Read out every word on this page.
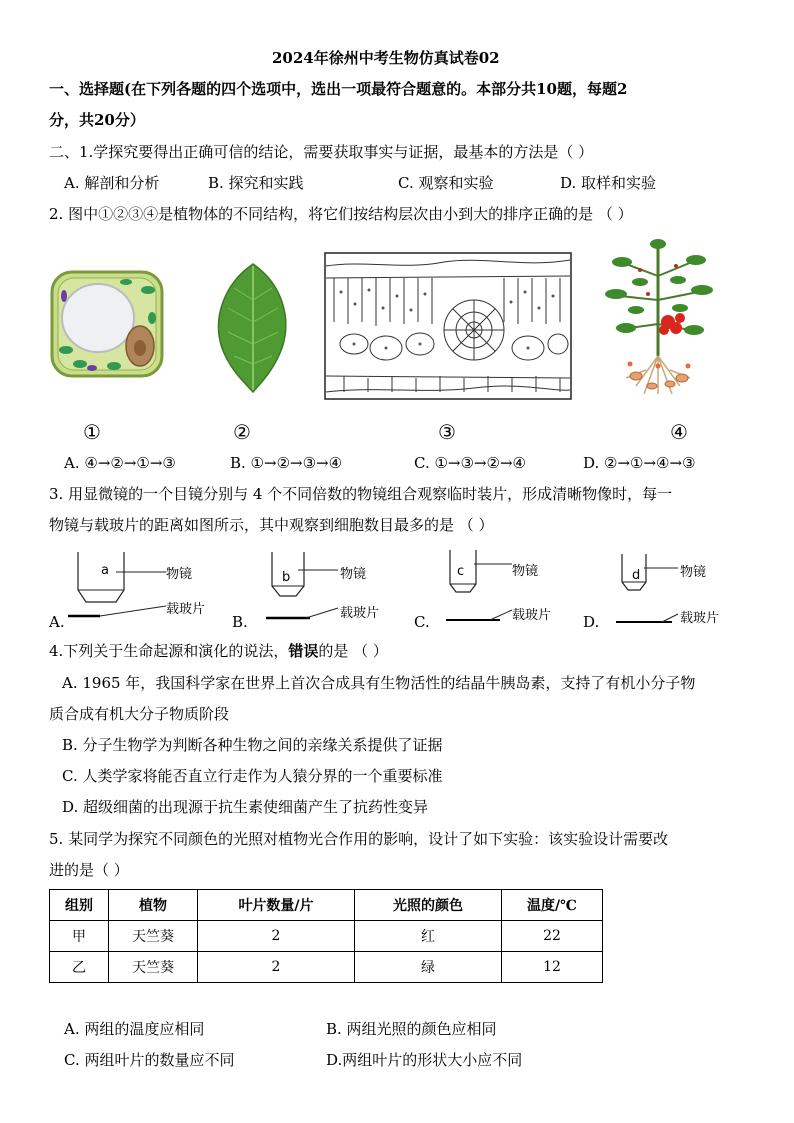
2024年徐州中考生物仿真试卷02
一、选择题(在下列各题的四个选项中，选出一项最符合题意的。本部分共10题，每题2
分，共20分）
二、1.学探究要得出正确可信的结论，需要获取事实与证据，最基本的方法是（ ）
A. 解剖和分析	B. 探究和实践	C. 观察和实验	D. 取样和实验
2. 图中①②③④是植物体的不同结构，将它们按结构层次由小到大的排序正确的是 （ ）
①	②	③	④
A. ④→②→①→③	B. ①→②→③→④	C. ①→③→②→④	D. ②→①→④→③
3. 用显微镜的一个目镜分别与 4 个不同倍数的物镜组合观察临时装片，形成清晰物像时，每一
物镜与载玻片的距离如图所示，其中观察到细胞数目最多的是 （ ）
A.
a	物镜
载玻片
B.
b	物镜
载玻片 C.
c	物镜
载玻片 D.
d	物镜
载玻片
4.下列关于生命起源和演化的说法，错误的是 （ ）
A. 1965 年，我国科学家在世界上首次合成具有生物活性的结晶牛胰岛素，支持了有机小分子物
质合成有机大分子物质阶段
B. 分子生物学为判断各种生物之间的亲缘关系提供了证据
C. 人类学家将能否直立行走作为人猿分界的一个重要标准
D. 超级细菌的出现源于抗生素使细菌产生了抗药性变异
5. 某同学为探究不同颜色的光照对植物光合作用的影响，设计了如下实验：该实验设计需要改
进的是（ ）
组别	植物	叶片数量/片	光照的颜色	温度/℃
甲	天竺葵	2	红	22
乙	天竺葵	2	绿	12
A. 两组的温度应相同	B. 两组光照的颜色应相同
C. 两组叶片的数量应不同	D.两组叶片的形状大小应不同
